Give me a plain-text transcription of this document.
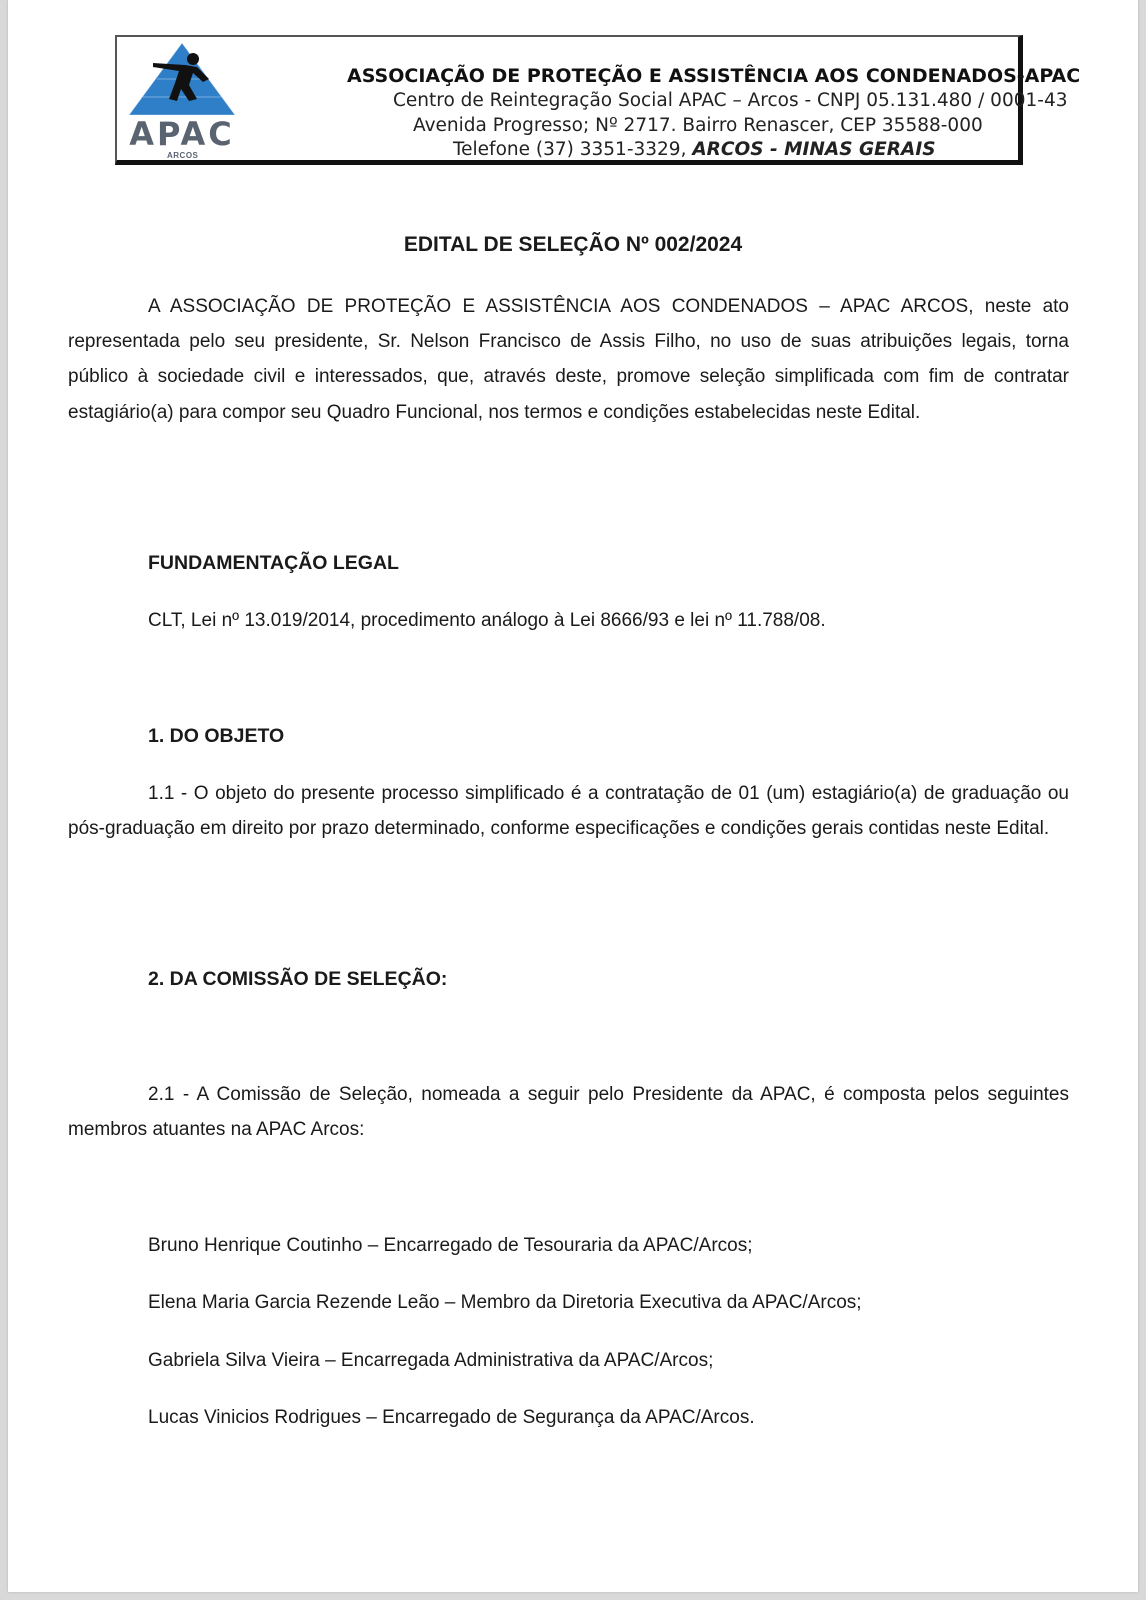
APAC
ARCOS
ASSOCIAÇÃO DE PROTEÇÃO E ASSISTÊNCIA AOS CONDENADOS-APAC
Centro de Reintegração Social APAC – Arcos - CNPJ 05.131.480 / 0001-43
Avenida Progresso; Nº 2717. Bairro Renascer, CEP 35588-000
Telefone (37) 3351-3329, ARCOS - MINAS GERAIS
EDITAL DE SELEÇÃO Nº 002/2024

A ASSOCIAÇÃO DE PROTEÇÃO E ASSISTÊNCIA AOS CONDENADOS – APAC ARCOS, neste ato representada pelo seu presidente, Sr. Nelson Francisco de Assis Filho, no uso de suas atribuições legais, torna público à sociedade civil e interessados, que, através deste, promove seleção simplificada com fim de contratar estagiário(a) para compor seu Quadro Funcional, nos termos e condições estabelecidas neste Edital.

FUNDAMENTAÇÃO LEGAL
CLT, Lei nº 13.019/2014, procedimento análogo à Lei 8666/93 e lei nº 11.788/08.
1. DO OBJETO

1.1 - O objeto do presente processo simplificado é a contratação de 01 (um) estagiário(a) de graduação ou pós-graduação em direito por prazo determinado, conforme especificações e condições gerais contidas neste Edital.

2. DA COMISSÃO DE SELEÇÃO:

2.1 - A Comissão de Seleção, nomeada a seguir pelo Presidente da APAC, é composta pelos seguintes membros atuantes na APAC Arcos:

Bruno Henrique Coutinho – Encarregado de Tesouraria da APAC/Arcos;
Elena Maria Garcia Rezende Leão – Membro da Diretoria Executiva da APAC/Arcos;
Gabriela Silva Vieira – Encarregada Administrativa da APAC/Arcos;
Lucas Vinicios Rodrigues – Encarregado de Segurança da APAC/Arcos.
